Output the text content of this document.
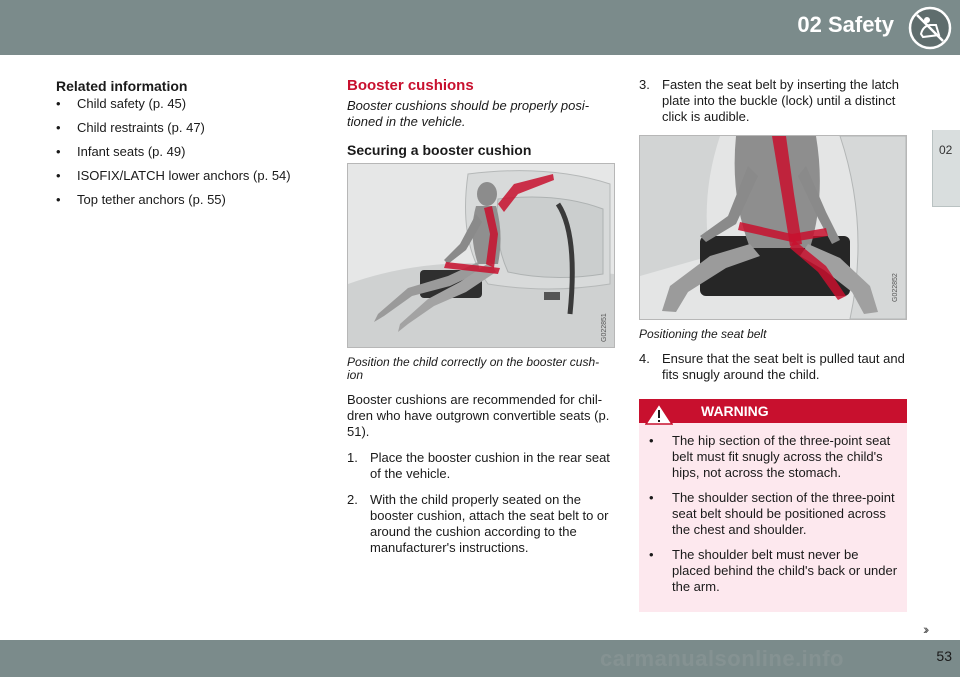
02 Safety
02
Related information
• Child safety (p. 45)
• Child restraints (p. 47)
• Infant seats (p. 49)
• ISOFIX/LATCH lower anchors (p. 54)
• Top tether anchors (p. 55)
Booster cushions
Booster cushions should be properly posi-tioned in the vehicle.
Securing a booster cushion
G022851
Position the child correctly on the booster cush-ion
Booster cushions are recommended for chil-dren who have outgrown convertible seats (p. 51).
1. Place the booster cushion in the rear seat of the vehicle.
2. With the child properly seated on the booster cushion, attach the seat belt to or around the cushion according to the manufacturer's instructions.
3. Fasten the seat belt by inserting the latch plate into the buckle (lock) until a distinct click is audible.
G022852
Positioning the seat belt
4. Ensure that the seat belt is pulled taut and fits snugly around the child.
WARNING
• The hip section of the three-point seat belt must fit snugly across the child's hips, not across the stomach.
• The shoulder section of the three-point seat belt should be positioned across the chest and shoulder.
• The shoulder belt must never be placed behind the child's back or under the arm.
››
carmanualsonline.info	53
